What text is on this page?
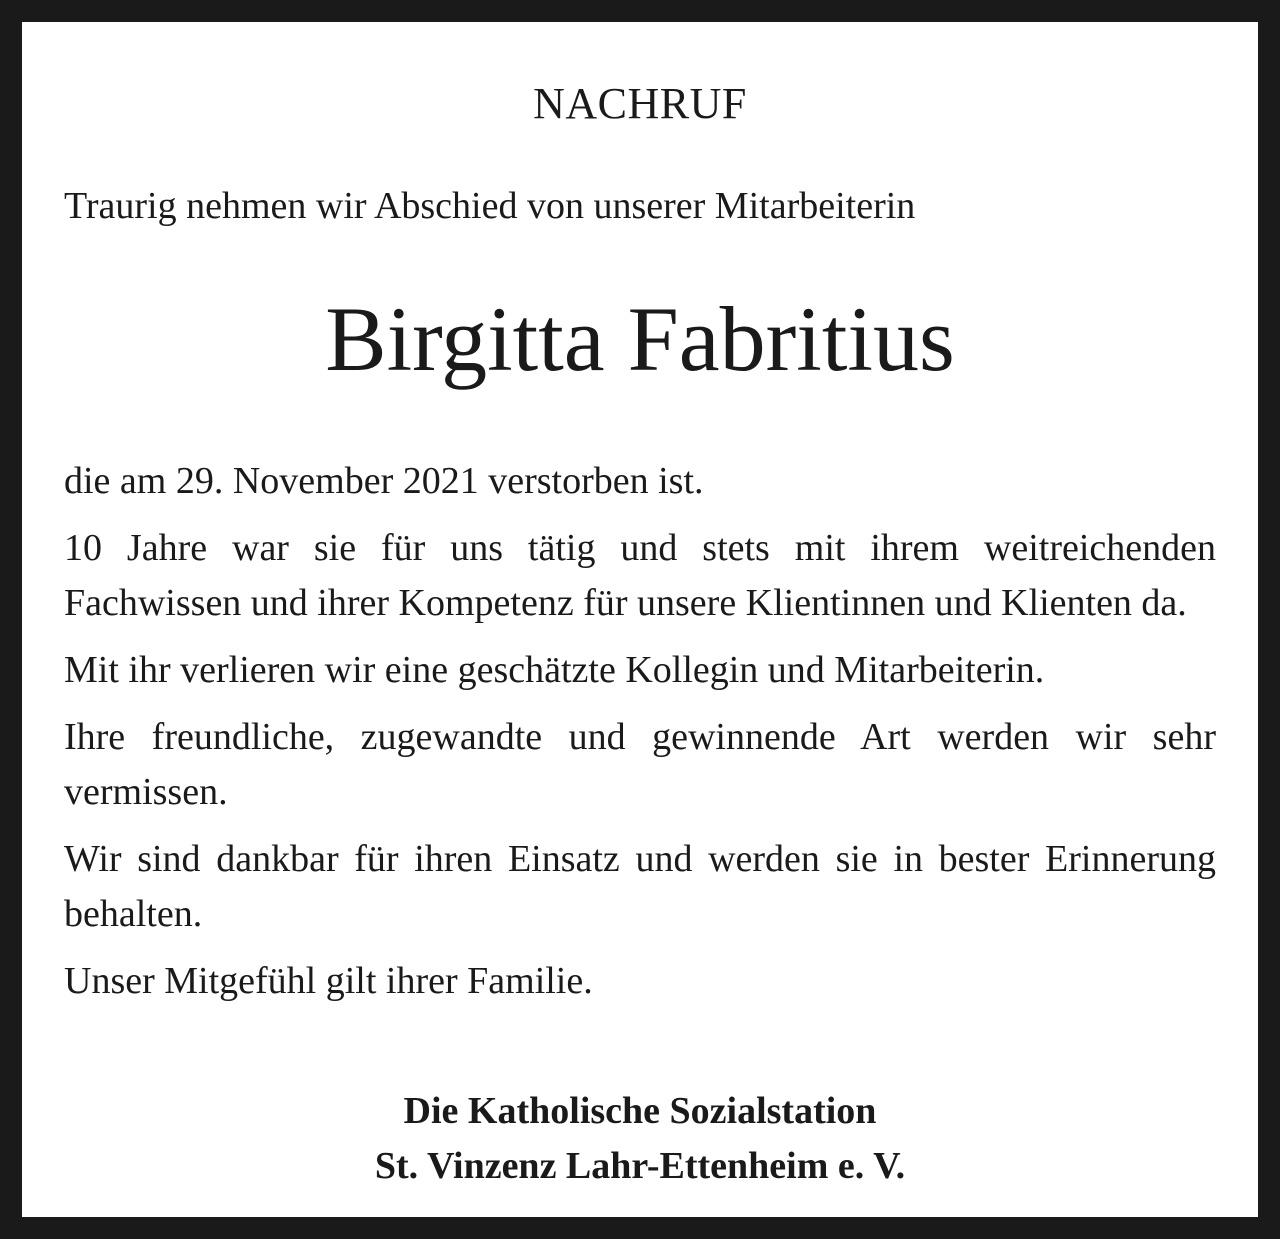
NACHRUF
Traurig nehmen wir Abschied von unserer Mitarbeiterin
Birgitta Fabritius

die am 29. November 2021 verstorben ist.

10 Jahre war sie für uns tätig und stets mit ihrem weitreichenden Fachwissen und ihrer Kompetenz für unsere Klientinnen und Klienten da.

Mit ihr verlieren wir eine geschätzte Kollegin und Mitarbeiterin.

Ihre freundliche, zugewandte und gewinnende Art werden wir sehr vermissen.

Wir sind dankbar für ihren Einsatz und werden sie in bester Erinnerung behalten.

Unser Mitgefühl gilt ihrer Familie.

Die Katholische Sozialstation
St. Vinzenz Lahr-Ettenheim e. V.
